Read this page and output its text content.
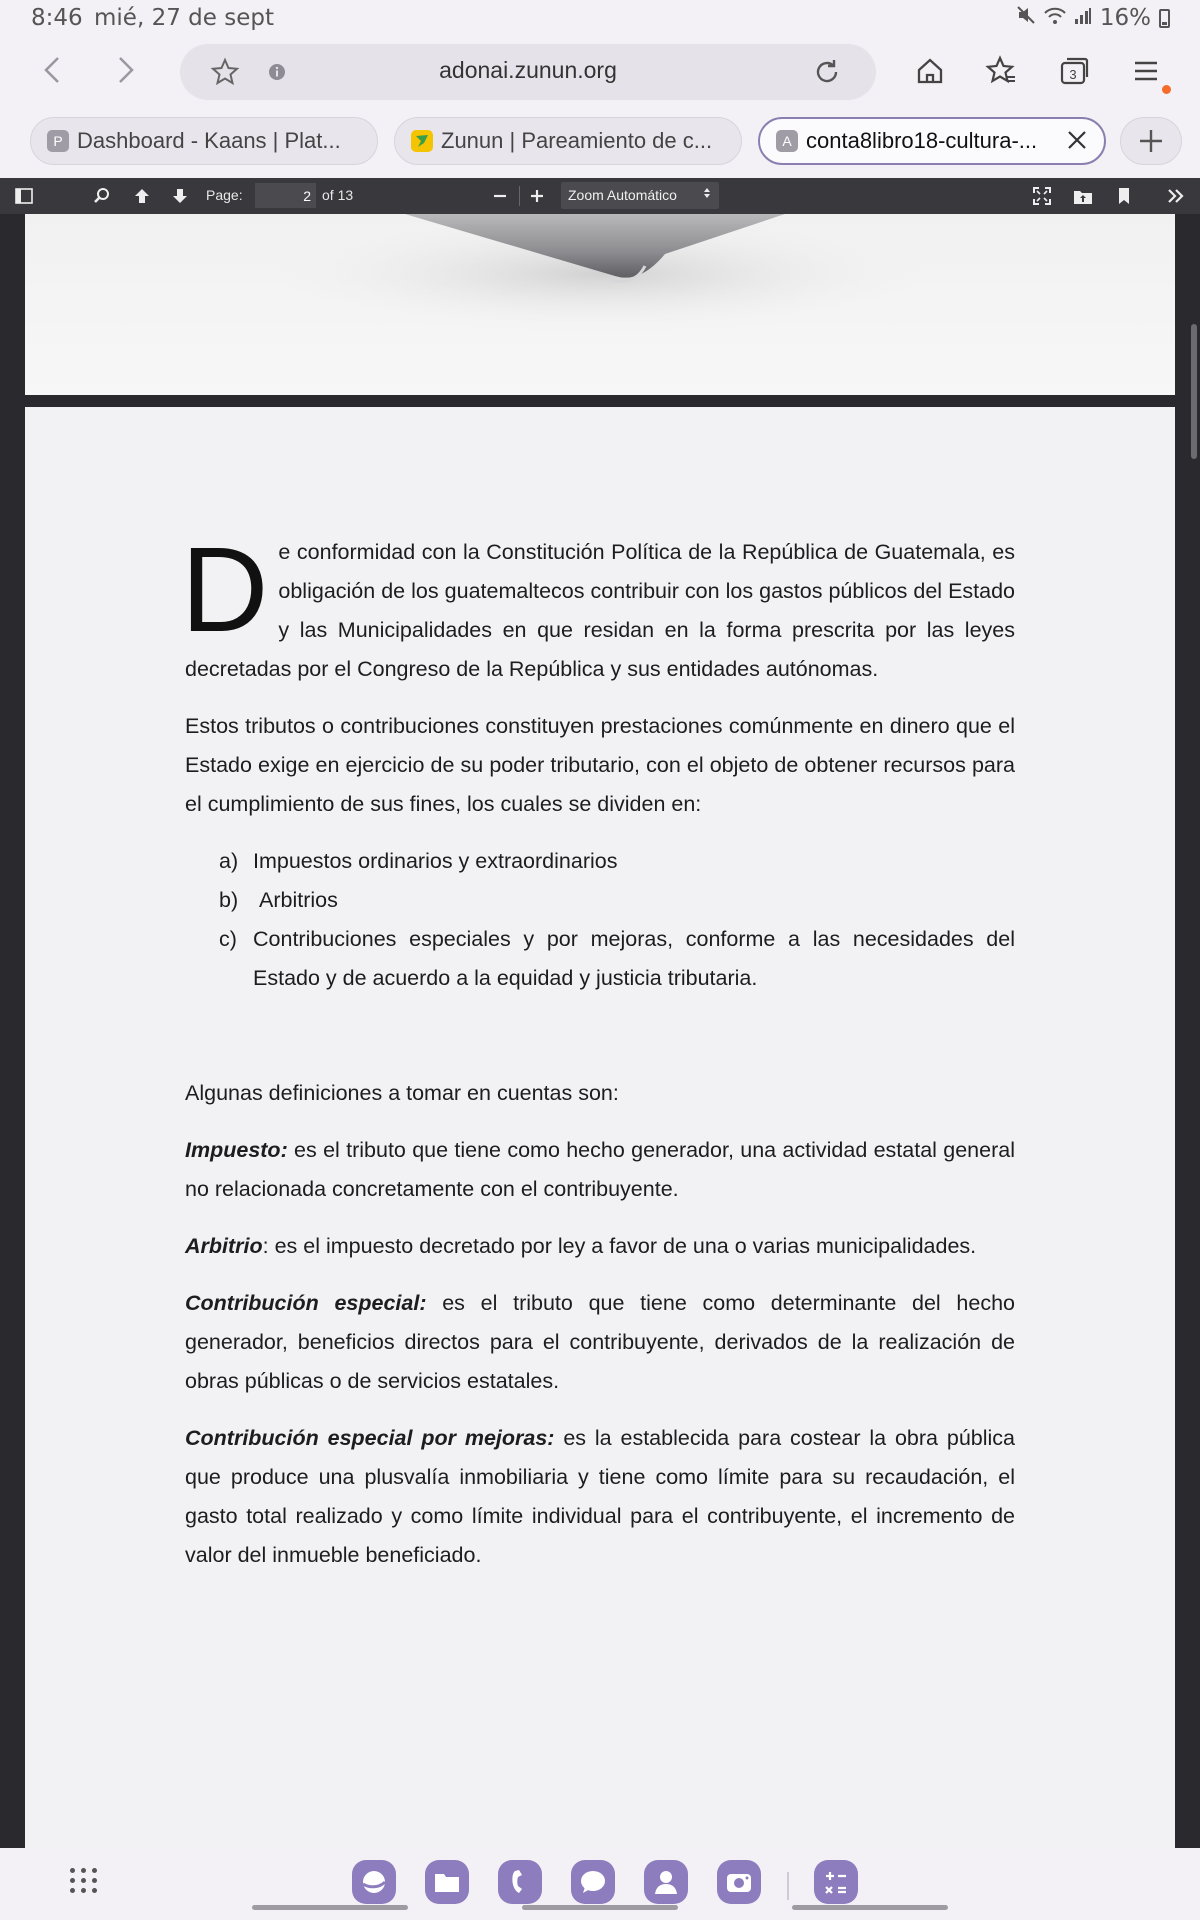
8:46 mié, 27 de sept	16%
adonai.zunun.org	3
P Dashboard - Kaans | Plat...	Zunun | Pareamiento de c...	A conta8libro18-cultura-...
Page:
2	of 13	Zoom Automático

De conformidad con la Constitución Política de la República de Guatemala, es obligación de los guatemaltecos contribuir con los gastos públicos del Estado y las Municipalidades en que residan en la forma prescrita por las leyes decretadas por el Congreso de la República y sus entidades autónomas.

Estos tributos o contribuciones constituyen prestaciones comúnmente en dinero que el Estado exige en ejercicio de su poder tributario, con el objeto de obtener recursos para el cumplimiento de sus fines, los cuales se dividen en:

a) Impuestos ordinarios y extraordinarios
b) Arbitrios
c) Contribuciones especiales y por mejoras, conforme a las necesidades del Estado y de acuerdo a la equidad y justicia tributaria.

Algunas definiciones a tomar en cuentas son:

Impuesto: es el tributo que tiene como hecho generador, una actividad estatal general no relacionada concretamente con el contribuyente.

Arbitrio: es el impuesto decretado por ley a favor de una o varias municipalidades.

Contribución especial: es el tributo que tiene como determinante del hecho generador, beneficios directos para el contribuyente, derivados de la realización de obras públicas o de servicios estatales.

Contribución especial por mejoras: es la establecida para costear la obra pública que produce una plusvalía inmobiliaria y tiene como límite para su recaudación, el gasto total realizado y como límite individual para el contribuyente, el incremento de valor del inmueble beneficiado.
